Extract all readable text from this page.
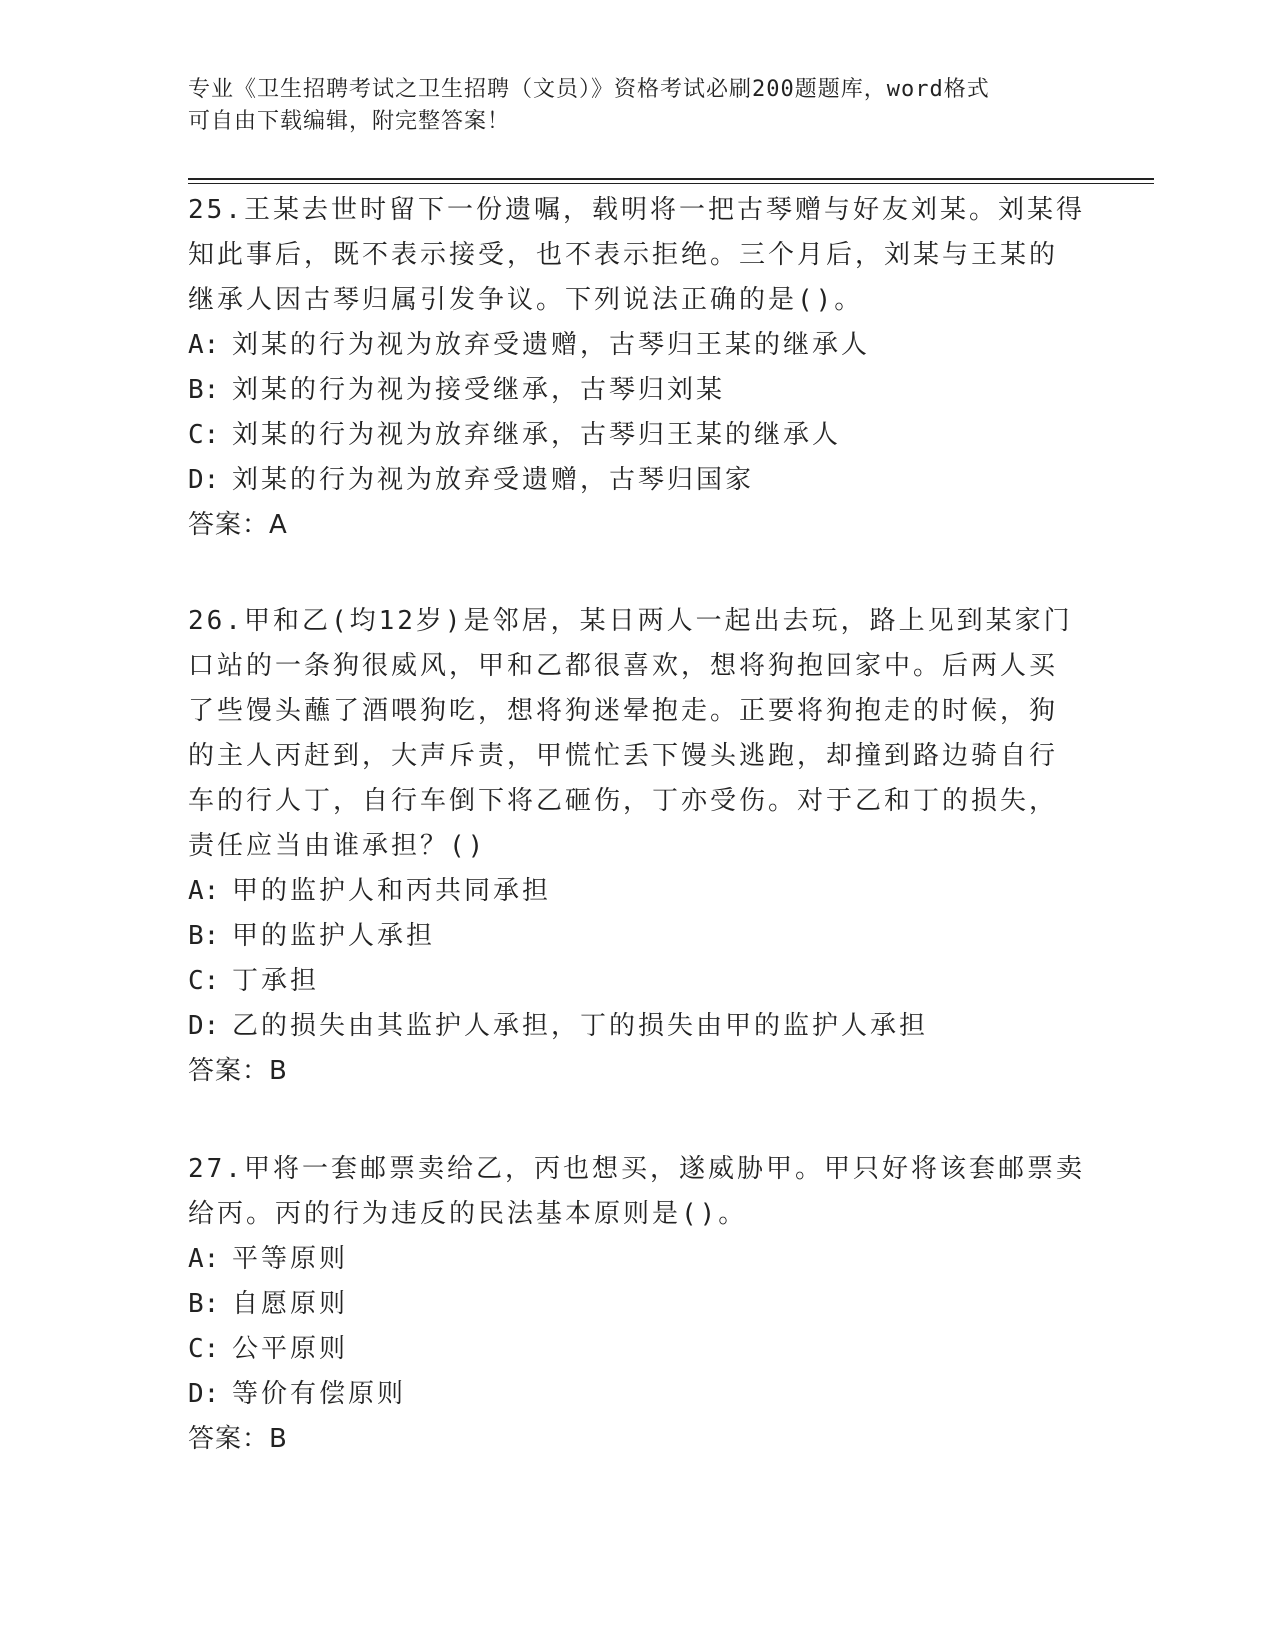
专业《卫生招聘考试之卫生招聘（文员）》资格考试必刷200题题库，word格式
可自由下载编辑，附完整答案！
25.王某去世时留下一份遗嘱，载明将一把古琴赠与好友刘某。刘某得
知此事后，既不表示接受，也不表示拒绝。三个月后，刘某与王某的
继承人因古琴归属引发争议。下列说法正确的是()。
A: 刘某的行为视为放弃受遗赠，古琴归王某的继承人
B: 刘某的行为视为接受继承，古琴归刘某
C: 刘某的行为视为放弃继承，古琴归王某的继承人
D: 刘某的行为视为放弃受遗赠，古琴归国家
答案：A
26.甲和乙(均12岁)是邻居，某日两人一起出去玩，路上见到某家门
口站的一条狗很威风，甲和乙都很喜欢，想将狗抱回家中。后两人买
了些馒头蘸了酒喂狗吃，想将狗迷晕抱走。正要将狗抱走的时候，狗
的主人丙赶到，大声斥责，甲慌忙丢下馒头逃跑，却撞到路边骑自行
车的行人丁，自行车倒下将乙砸伤，丁亦受伤。对于乙和丁的损失，
责任应当由谁承担？()
A: 甲的监护人和丙共同承担
B: 甲的监护人承担
C: 丁承担
D: 乙的损失由其监护人承担，丁的损失由甲的监护人承担
答案：B
27.甲将一套邮票卖给乙，丙也想买，遂威胁甲。甲只好将该套邮票卖
给丙。丙的行为违反的民法基本原则是()。
A: 平等原则
B: 自愿原则
C: 公平原则
D: 等价有偿原则
答案：B
